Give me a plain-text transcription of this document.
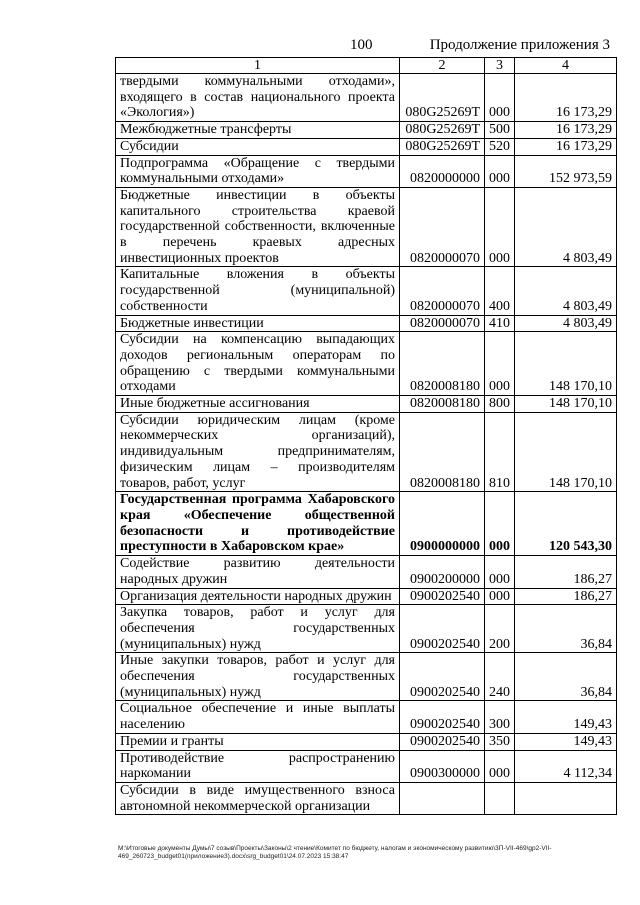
100	Продолжение приложения 3
1	2	3	4
твердыми коммунальными отходами», входящего в состав национального проекта «Экология»)	080G25269T	000	16 173,29
Межбюджетные трансферты	080G25269T	500	16 173,29
Субсидии	080G25269T	520	16 173,29
Подпрограмма «Обращение с твердыми коммунальными отходами»	0820000000	000	152 973,59
Бюджетные инвестиции в объекты капитального строительства краевой государственной собственности, включенные в перечень краевых адресных инвестиционных проектов	0820000070	000	4 803,49
Капитальные вложения в объекты государственной (муниципальной) собственности	0820000070	400	4 803,49
Бюджетные инвестиции	0820000070	410	4 803,49
Субсидии на компенсацию выпадающих доходов региональным операторам по обращению с твердыми коммунальными отходами	0820008180	000	148 170,10
Иные бюджетные ассигнования	0820008180	800	148 170,10
Субсидии юридическим лицам (кроме некоммерческих организаций), индивидуальным предпринимателям, физическим лицам – производителям товаров, работ, услуг	0820008180	810	148 170,10
Государственная программа Хабаровского края «Обеспечение общественной безопасности и противодействие преступности в Хабаровском крае»	0900000000	000	120 543,30
Содействие развитию деятельности народных дружин	0900200000	000	186,27
Организация деятельности народных дружин	0900202540	000	186,27
Закупка товаров, работ и услуг для обеспечения государственных (муниципальных) нужд	0900202540	200	36,84
Иные закупки товаров, работ и услуг для обеспечения государственных (муниципальных) нужд	0900202540	240	36,84
Социальное обеспечение и иные выплаты населению	0900202540	300	149,43
Премии и гранты	0900202540	350	149,43
Противодействие распространению наркомании	0900300000	000	4 112,34
Субсидии в виде имущественного взноса автономной некоммерческой организации			
M:\Итоговые документы Думы\7 созыв\Проекты\Законы\2 чтение\Комитет по бюджету, налогам и экономическому развитию\3П-VII-469\gp2-VII-469_260723_budget01(приложение3).docx\srg_budget01\24.07.2023 15:38:47
